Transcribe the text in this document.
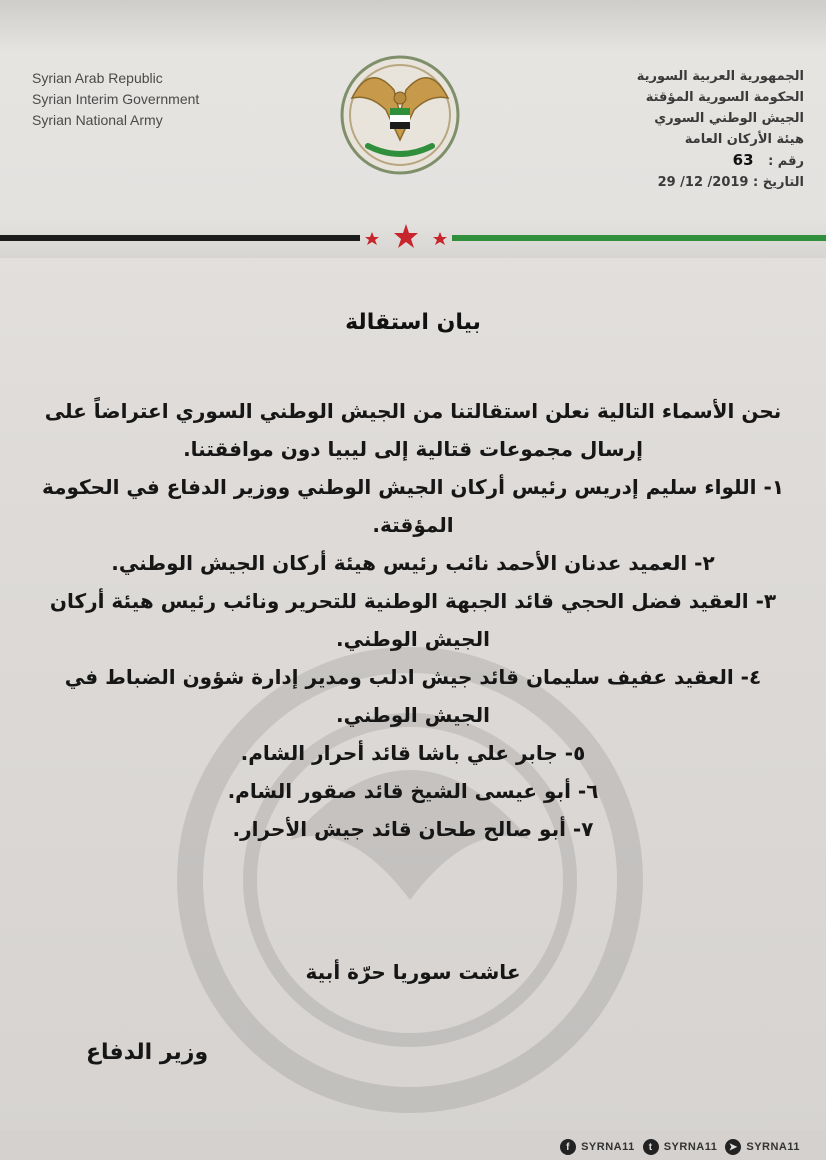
Syrian Arab Republic
Syrian Interim Government
Syrian National Army
الجمهورية العربية السورية
الحكومة السورية المؤقتة
الجيش الوطني السوري
هيئة الأركان العامة
رقم : 63
التاريخ : 29 /12 /2019
بيان استقالة
نحن الأسماء التالية نعلن استقالتنا من الجيش الوطني السوري اعتراضاً على إرسال مجموعات قتالية إلى ليبيا دون موافقتنا.
١- اللواء سليم إدريس رئيس أركان الجيش الوطني ووزير الدفاع في الحكومة المؤقتة.
٢- العميد عدنان الأحمد نائب رئيس هيئة أركان الجيش الوطني.
٣- العقيد فضل الحجي قائد الجبهة الوطنية للتحرير ونائب رئيس هيئة أركان الجيش الوطني.
٤- العقيد عفيف سليمان قائد جيش ادلب ومدير إدارة شؤون الضباط في الجيش الوطني.
٥- جابر علي باشا قائد أحرار الشام.
٦- أبو عيسى الشيخ قائد صقور الشام.
٧- أبو صالح طحان قائد جيش الأحرار.
عاشت سوريا حرّة أبية
وزير الدفاع
f	SYRNA11	t	SYRNA11	➤ SYRNA11
